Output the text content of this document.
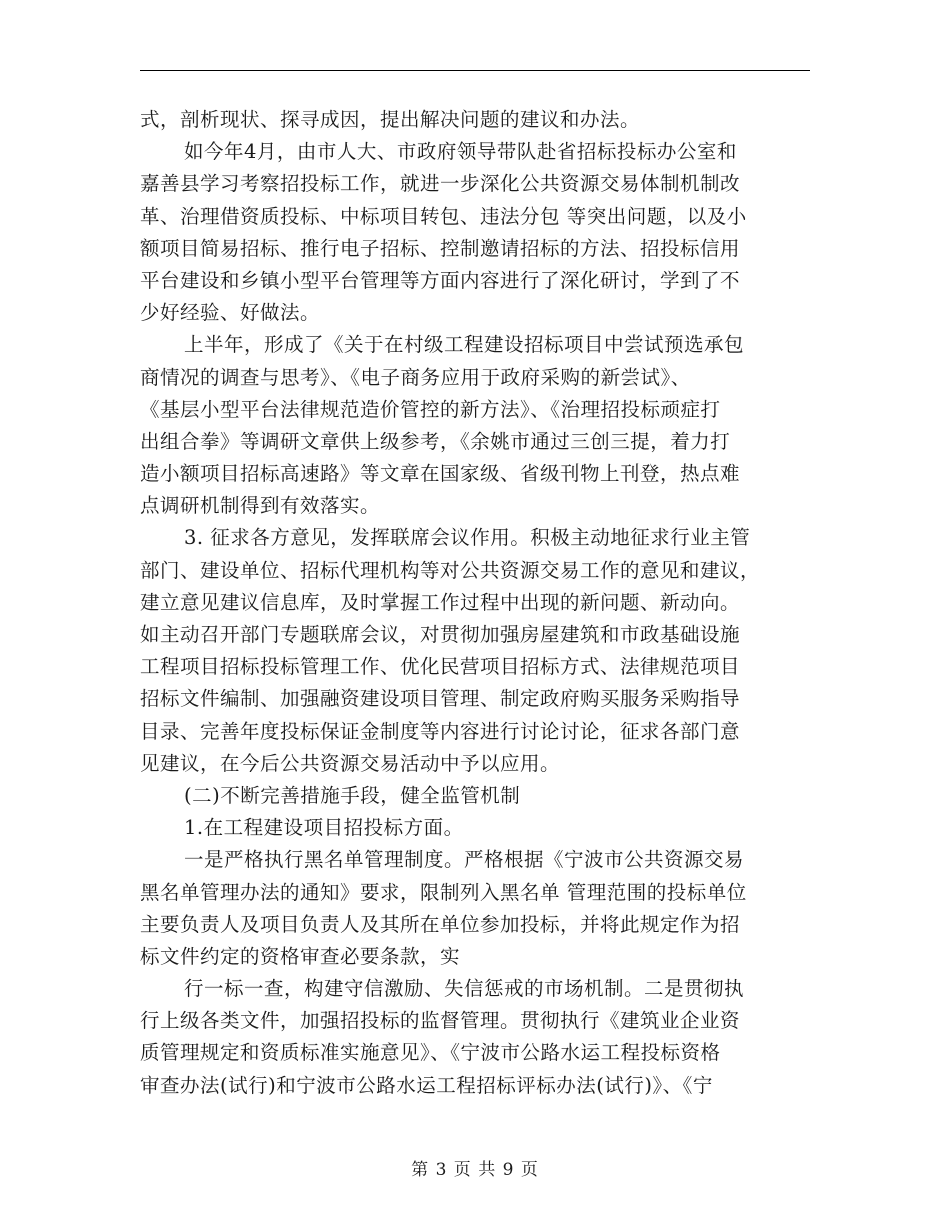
式，剖析现状、探寻成因，提出解决问题的建议和办法。
如今年4月，由市人大、市政府领导带队赴省招标投标办公室和
嘉善县学习考察招投标工作，就进一步深化公共资源交易体制机制改
革、治理借资质投标、中标项目转包、违法分包 等突出问题，以及小
额项目简易招标、推行电子招标、控制邀请招标的方法、招投标信用
平台建设和乡镇小型平台管理等方面内容进行了深化研讨，学到了不
少好经验、好做法。
上半年，形成了《关于在村级工程建设招标项目中尝试预选承包
商情况的调查与思考》、《电子商务应用于政府采购的新尝试》、
《基层小型平台法律规范造价管控的新方法》、《治理招投标顽症打
出组合拳》等调研文章供上级参考，《余姚市通过三创三提，着力打
造小额项目招标高速路》等文章在国家级、省级刊物上刊登，热点难
点调研机制得到有效落实。
3. 征求各方意见，发挥联席会议作用。积极主动地征求行业主管
部门、建设单位、招标代理机构等对公共资源交易工作的意见和建议，
建立意见建议信息库，及时掌握工作过程中出现的新问题、新动向。
如主动召开部门专题联席会议，对贯彻加强房屋建筑和市政基础设施
工程项目招标投标管理工作、优化民营项目招标方式、法律规范项目
招标文件编制、加强融资建设项目管理、制定政府购买服务采购指导
目录、完善年度投标保证金制度等内容进行讨论讨论，征求各部门意
见建议，在今后公共资源交易活动中予以应用。
(二)不断完善措施手段，健全监管机制
1.在工程建设项目招投标方面。
一是严格执行黑名单管理制度。严格根据《宁波市公共资源交易
黑名单管理办法的通知》要求，限制列入黑名单 管理范围的投标单位
主要负责人及项目负责人及其所在单位参加投标，并将此规定作为招
标文件约定的资格审查必要条款，实
行一标一查，构建守信激励、失信惩戒的市场机制。二是贯彻执
行上级各类文件，加强招投标的监督管理。贯彻执行《建筑业企业资
质管理规定和资质标准实施意见》、《宁波市公路水运工程投标资格
审查办法(试行)和宁波市公路水运工程招标评标办法(试行)》、《宁
第 3 页 共 9 页
